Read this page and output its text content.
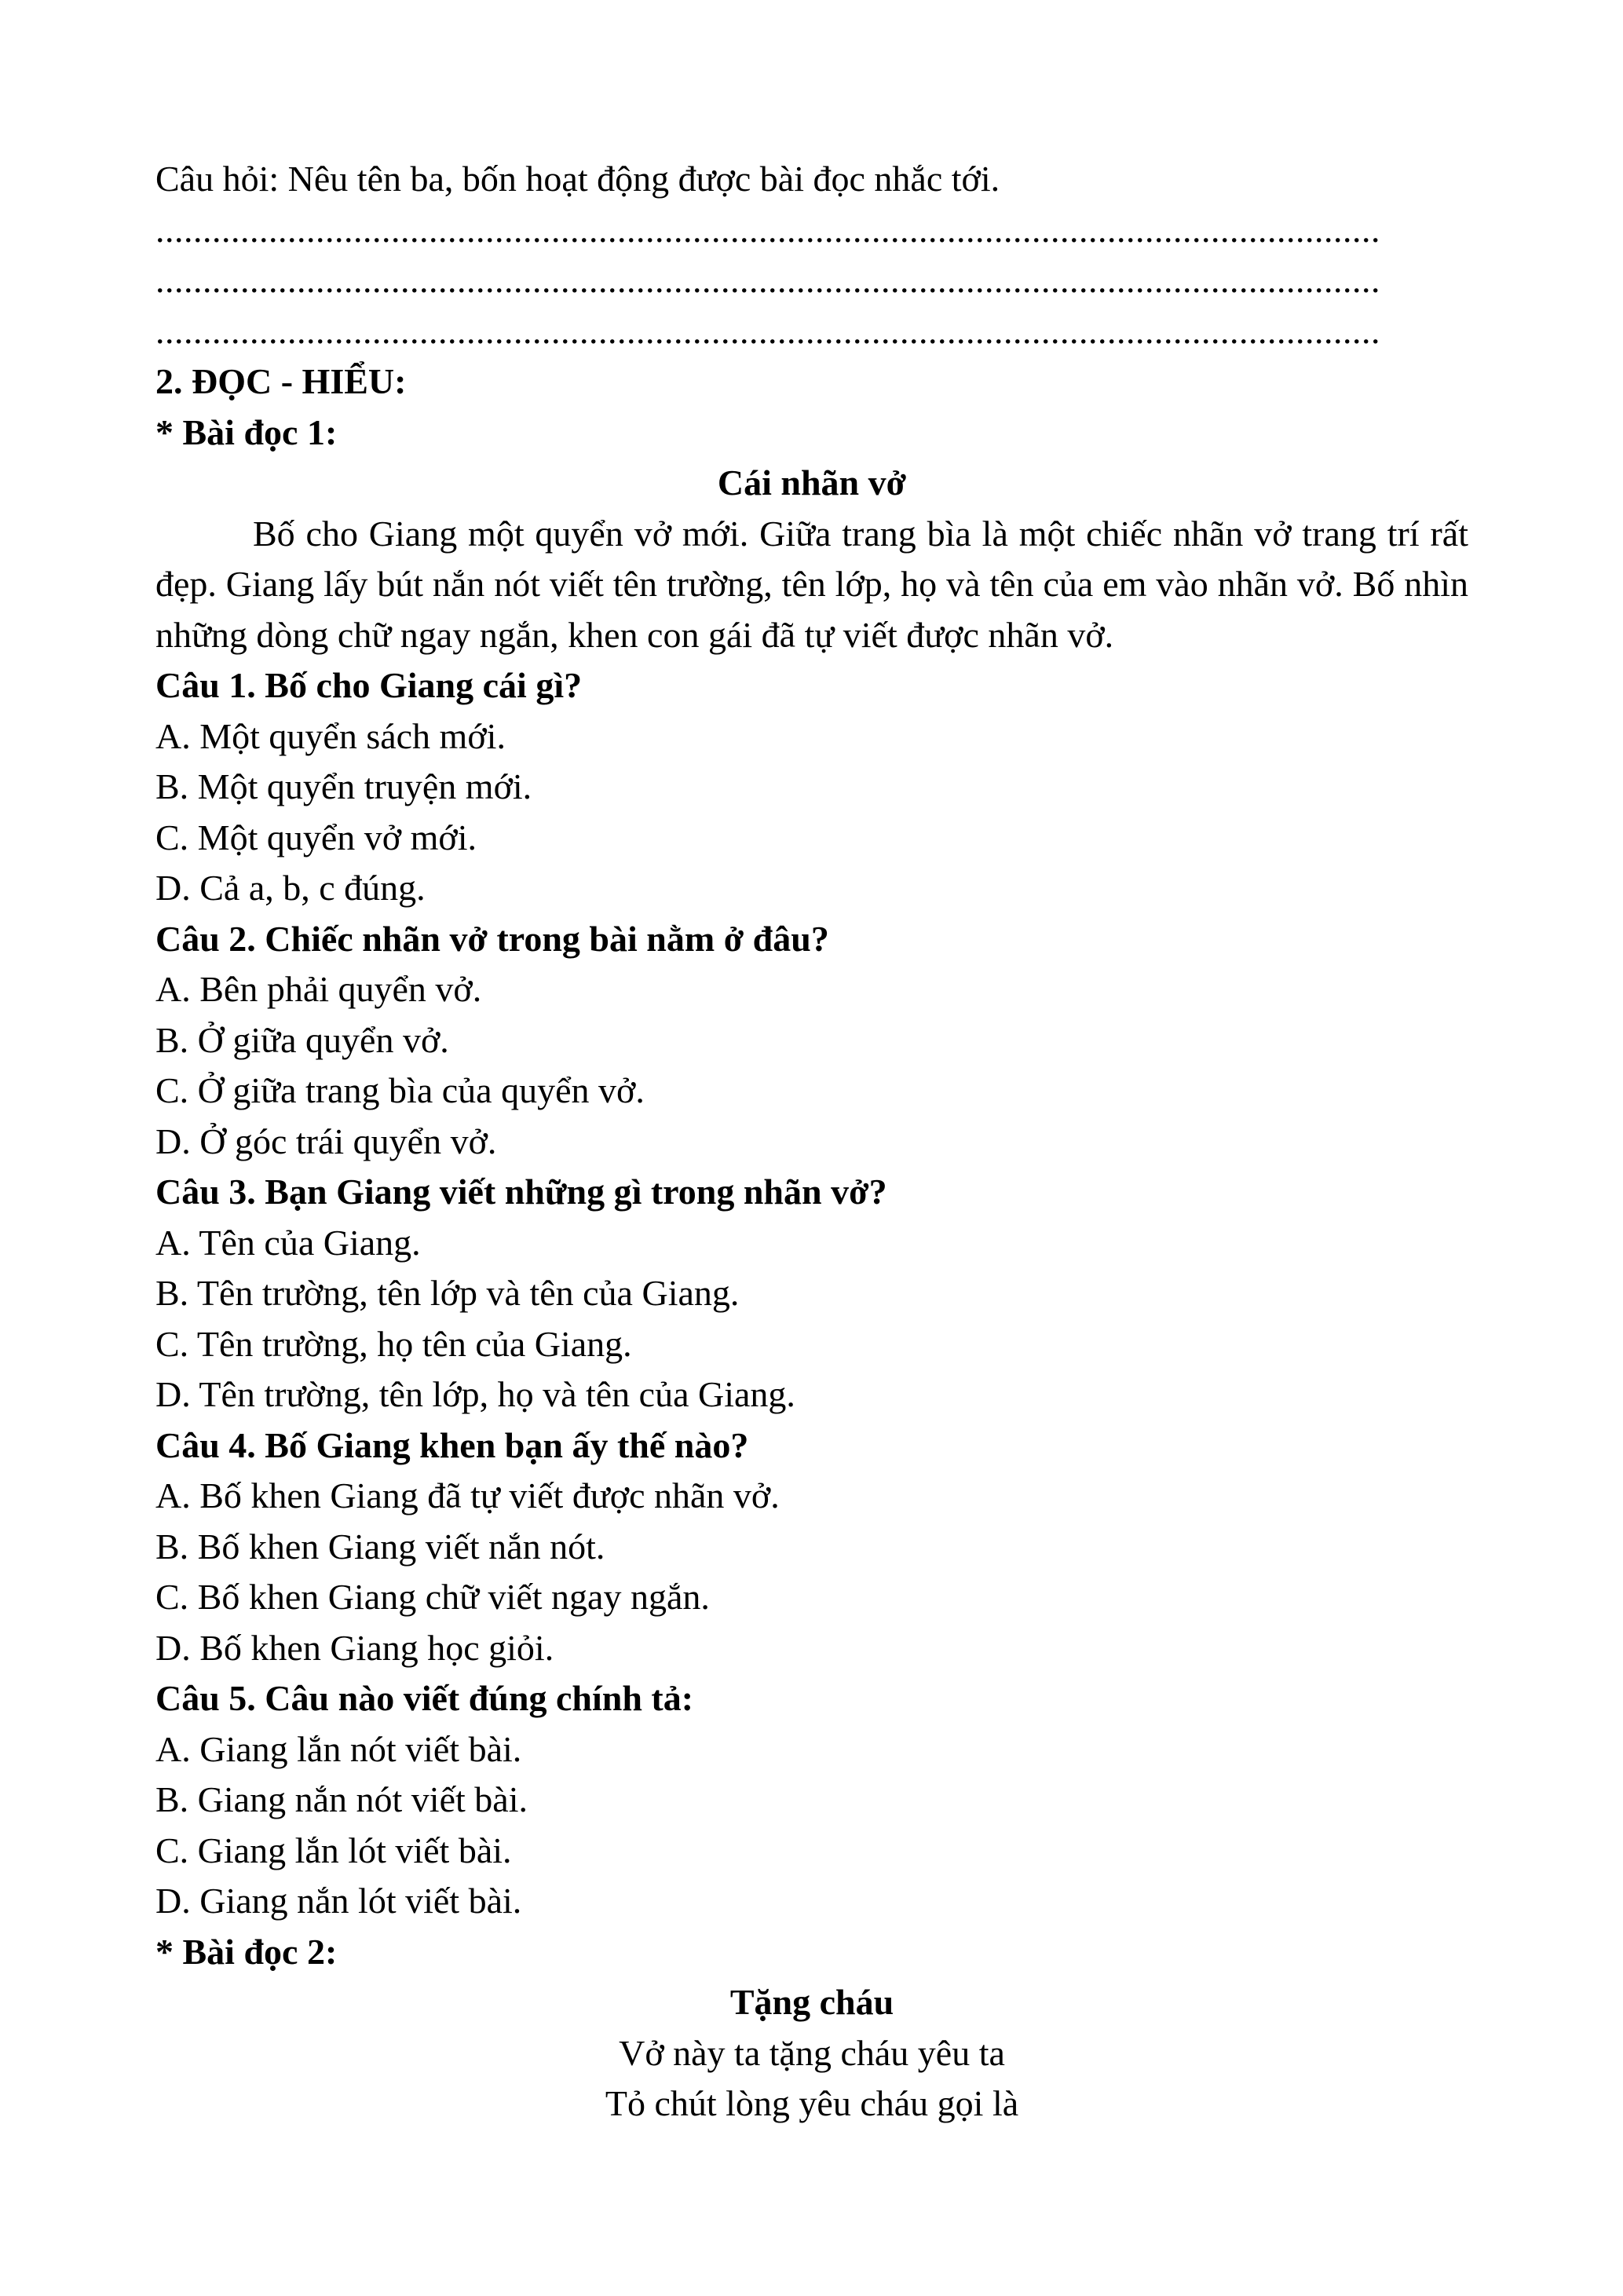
Câu hỏi: Nêu tên ba, bốn hoạt động được bài đọc nhắc tới.

..................................................................................................................................

..................................................................................................................................

..................................................................................................................................

2. ĐỌC - HIỂU:

* Bài đọc 1:

Cái nhãn vở

Bố cho Giang một quyển vở mới. Giữa trang bìa là một chiếc nhãn vở trang trí rất đẹp. Giang lấy bút nắn nót viết tên trường, tên lớp, họ và tên của em vào nhãn vở. Bố nhìn những dòng chữ ngay ngắn, khen con gái đã tự viết được nhãn vở.

Câu 1. Bố cho Giang cái gì?

A. Một quyển sách mới.

B. Một quyển truyện mới.

C. Một quyển vở mới.

D. Cả a, b, c đúng.

Câu 2. Chiếc nhãn vở trong bài nằm ở đâu?

A. Bên phải quyển vở.

B. Ở giữa quyển vở.

C. Ở giữa trang bìa của quyển vở.

D. Ở góc trái quyển vở.

Câu 3. Bạn Giang viết những gì trong nhãn vở?

A. Tên của Giang.

B. Tên trường, tên lớp và tên của Giang.

C. Tên trường, họ tên của Giang.

D. Tên trường, tên lớp, họ và tên của Giang.

Câu 4. Bố Giang khen bạn ấy thế nào?

A. Bố khen Giang đã tự viết được nhãn vở.

B. Bố khen Giang viết nắn nót.

C. Bố khen Giang chữ viết ngay ngắn.

D. Bố khen Giang học giỏi.

Câu 5. Câu nào viết đúng chính tả:

A. Giang lắn nót viết bài.

B. Giang nắn nót viết bài.

C. Giang lắn lót viết bài.

D. Giang nắn lót viết bài.

* Bài đọc 2:

Tặng cháu

Vở này ta tặng cháu yêu ta

Tỏ chút lòng yêu cháu gọi là
